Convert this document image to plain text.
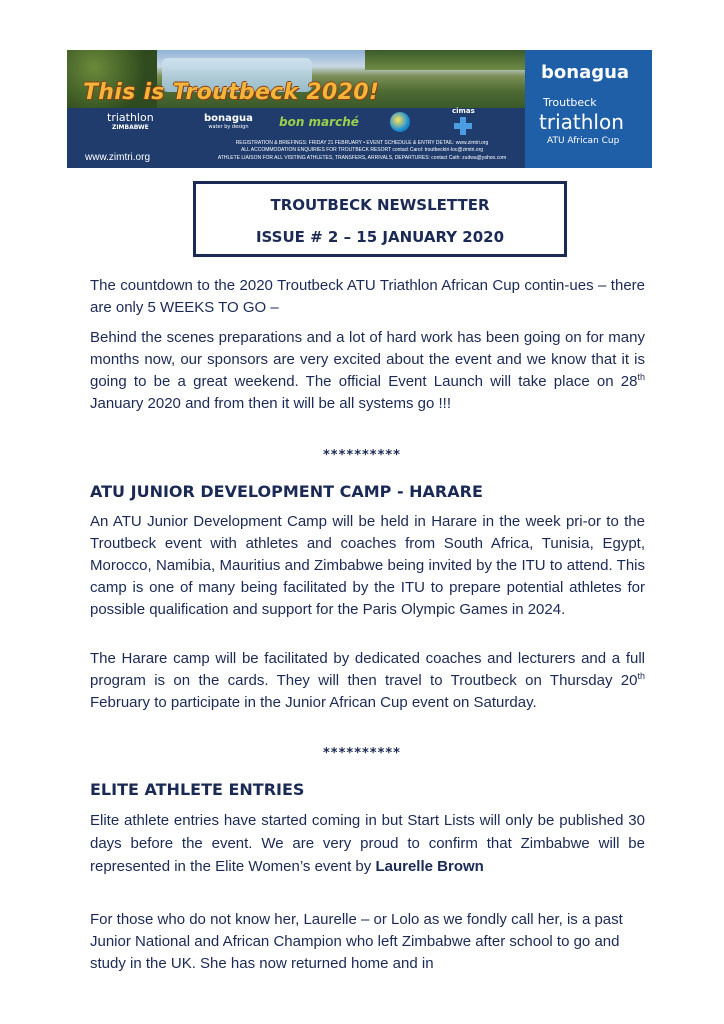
This is Troutbeck 2020!
triathlon
ZIMBABWE
bonagua
water by design	bon marché
cimas
www.zimtri.org
REGISTRATION & BRIEFINGS: FRIDAY 21 FEBRUARY • EVENT SCHEDULE & ENTRY DETAIL: www.zimtri.org
ALL ACCOMMODATION ENQUIRIES FOR TROUTBECK RESORT contact Carol: troutbecktri-loc@zimtri.org
ATHLETE LIAISON FOR ALL VISITING ATHLETES, TRANSFERS, ARRIVALS, DEPARTURES: contact Cath: zudwa@yahoo.com
bonagua
Troutbeck
triathlon
ATU African Cup
TROUTBECK NEWSLETTER
ISSUE # 2 – 15 JANUARY 2020
The countdown to the 2020 Troutbeck ATU Triathlon African Cup contin-ues – there are only 5 WEEKS TO GO –
Behind the scenes preparations and a lot of hard work has been going on for many months now, our sponsors are very excited about the event and we know that it is going to be a great weekend. The official Event Launch will take place on 28th January 2020 and from then it will be all systems go !!!
**********
ATU JUNIOR DEVELOPMENT CAMP - HARARE
An ATU Junior Development Camp will be held in Harare in the week pri-or to the Troutbeck event with athletes and coaches from South Africa, Tunisia, Egypt, Morocco, Namibia, Mauritius and Zimbabwe being invited by the ITU to attend. This camp is one of many being facilitated by the ITU to prepare potential athletes for possible qualification and support for the Paris Olympic Games in 2024.
The Harare camp will be facilitated by dedicated coaches and lecturers and a full program is on the cards. They will then travel to Troutbeck on Thursday 20th February to participate in the Junior African Cup event on Saturday.
**********
ELITE ATHLETE ENTRIES
Elite athlete entries have started coming in but Start Lists will only be published 30 days before the event. We are very proud to confirm that Zimbabwe will be represented in the Elite Women’s event by Laurelle Brown
For those who do not know her, Laurelle – or Lolo as we fondly call her, is a past Junior National and African Champion who left Zimbabwe after school to go and study in the UK. She has now returned home and in
